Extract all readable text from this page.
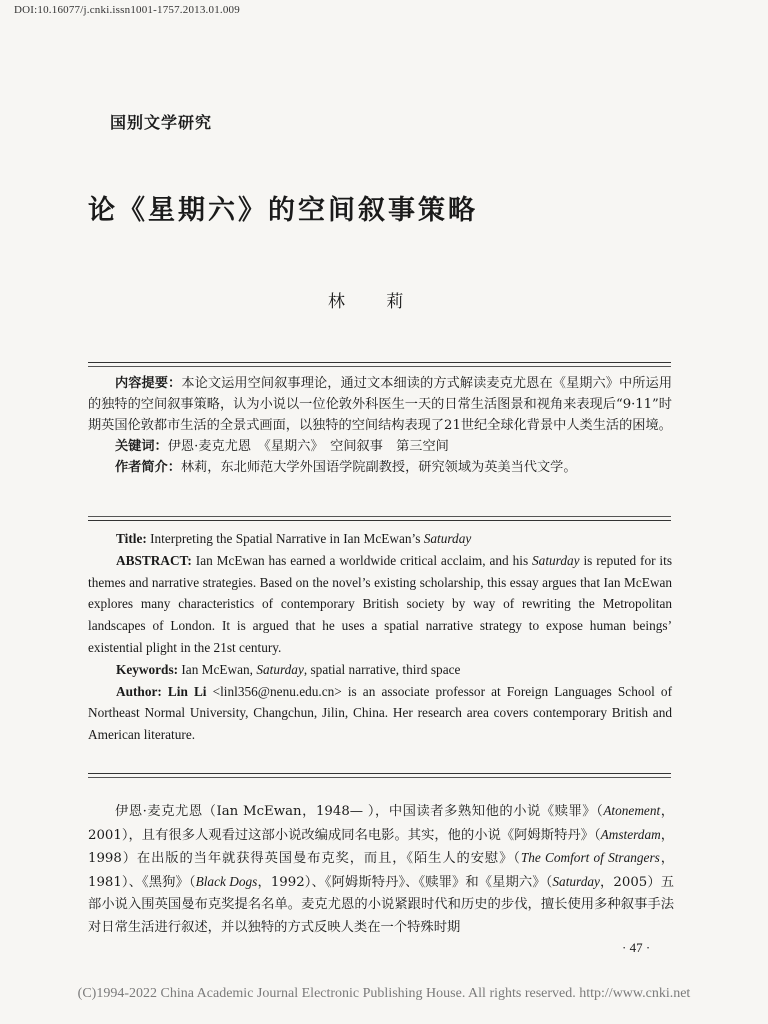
DOI:10.16077/j.cnki.issn1001-1757.2013.01.009
国别文学研究
论《星期六》的空间叙事策略
林 莉

内容提要：本论文运用空间叙事理论，通过文本细读的方式解读麦克尤恩在《星期六》中所运用的独特的空间叙事策略，认为小说以一位伦敦外科医生一天的日常生活图景和视角来表现后“9·11”时期英国伦敦都市生活的全景式画面，以独特的空间结构表现了21世纪全球化背景中人类生活的困境。

关键词：伊恩·麦克尤恩　《星期六》　空间叙事　第三空间

作者简介：林莉，东北师范大学外国语学院副教授，研究领域为英美当代文学。

Title: Interpreting the Spatial Narrative in Ian McEwan’s Saturday

ABSTRACT: Ian McEwan has earned a worldwide critical acclaim, and his Saturday is reputed for its themes and narrative strategies. Based on the novel’s existing scholarship, this essay argues that Ian McEwan explores many characteristics of contemporary British society by way of rewriting the Metropolitan landscapes of London. It is argued that he uses a spatial narrative strategy to expose human beings’ existential plight in the 21st century.

Keywords: Ian McEwan, Saturday, spatial narrative, third space

Author: Lin Li <linl356@nenu.edu.cn> is an associate professor at Foreign Languages School of Northeast Normal University, Changchun, Jilin, China. Her research area covers contemporary British and American literature.

伊恩·麦克尤恩（Ian McEwan，1948— ），中国读者多熟知他的小说《赎罪》（Atonement，2001），且有很多人观看过这部小说改编成同名电影。其实，他的小说《阿姆斯特丹》（Amsterdam，1998）在出版的当年就获得英国曼布克奖，而且，《陌生人的安慰》（The Comfort of Strangers，1981）、《黑狗》（Black Dogs，1992）、《阿姆斯特丹》、《赎罪》和《星期六》（Saturday，2005）五部小说入围英国曼布克奖提名名单。麦克尤恩的小说紧跟时代和历史的步伐，擅长使用多种叙事手法对日常生活进行叙述，并以独特的方式反映人类在一个特殊时期

· 47 ·
(C)1994-2022 China Academic Journal Electronic Publishing House. All rights reserved. http://www.cnki.net
